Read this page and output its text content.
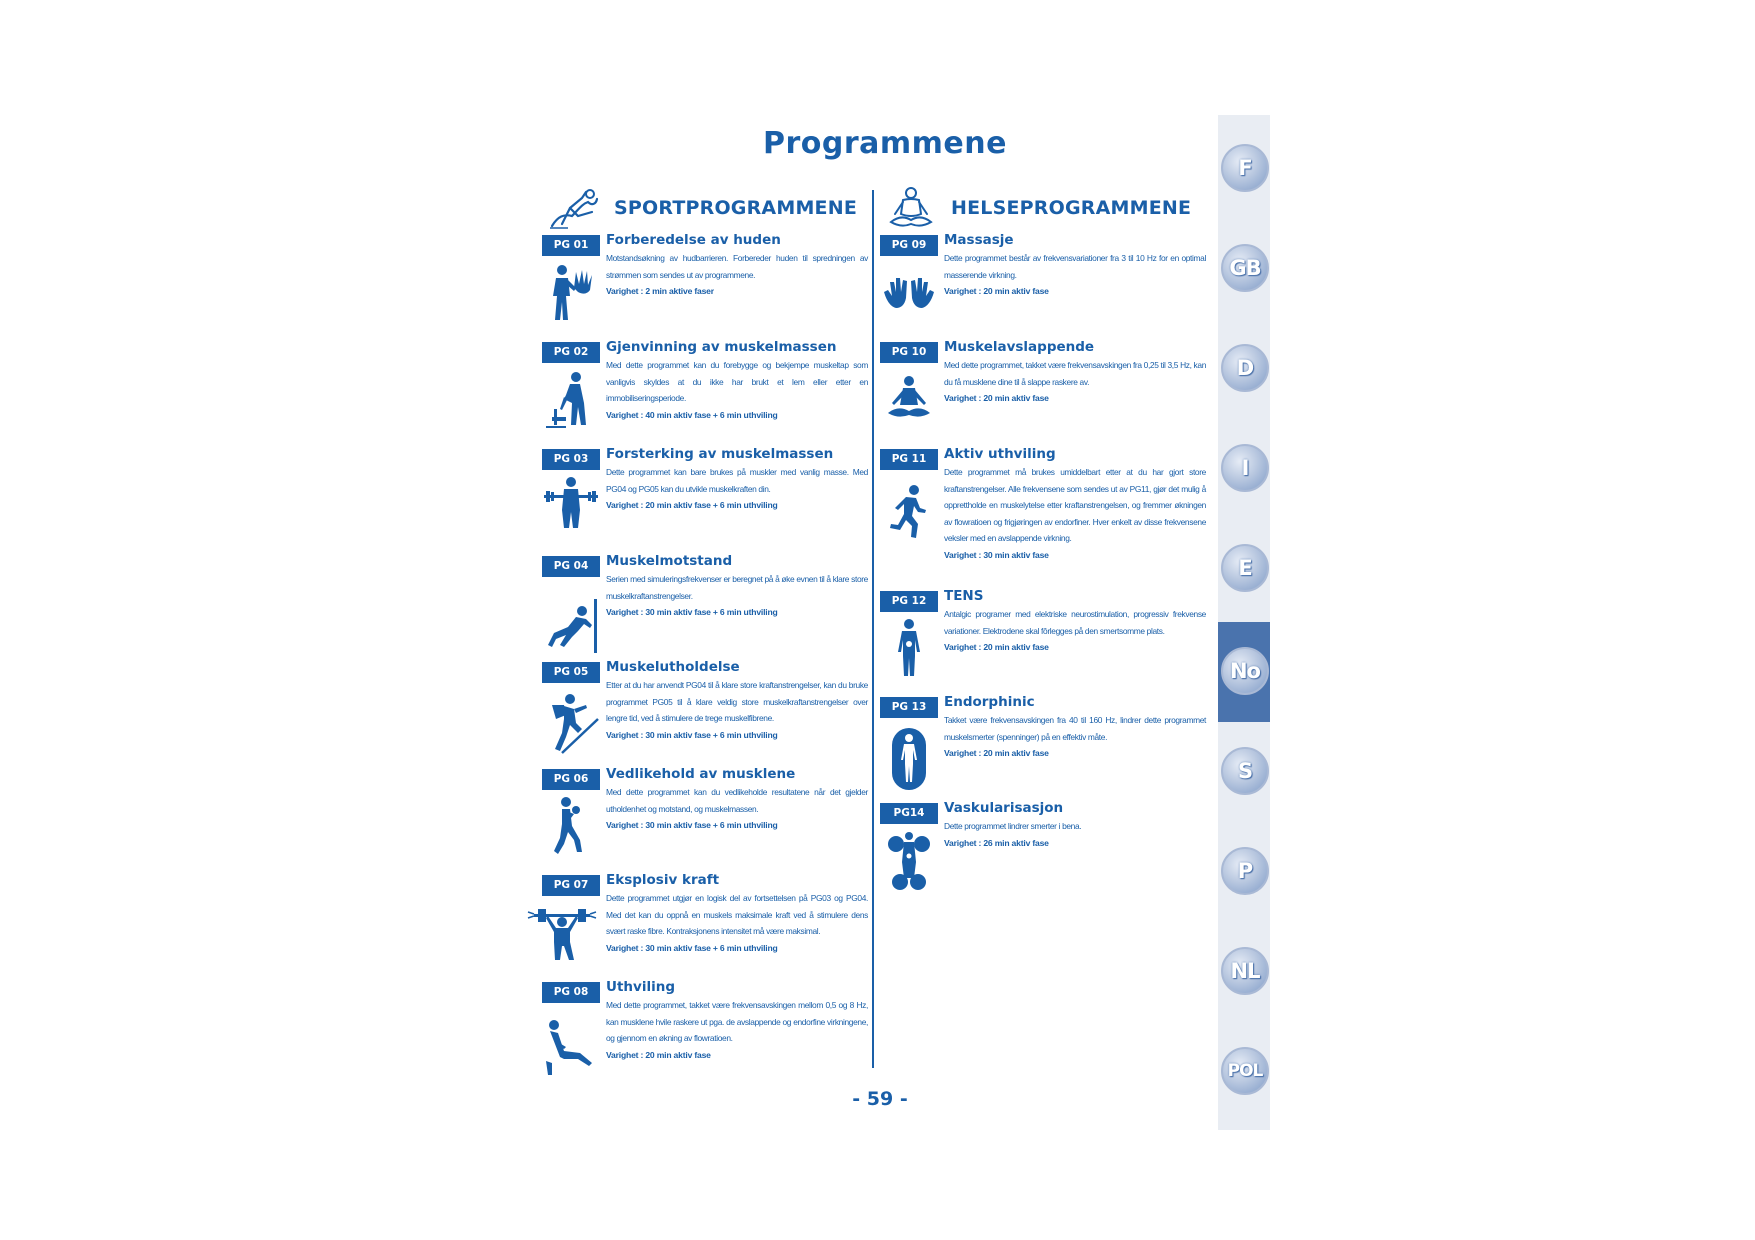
Programmene
SPORTPROGRAMMENE	HELSEPROGRAMMENE
PG 01	Forberedelse av huden
Motstandsøkning av hudbarrieren. Forbereder huden til spredningen av strømmen som sendes ut av programmene.
Varighet : 2 min aktive faser
PG 02	Gjenvinning av muskelmassen
Med dette programmet kan du forebygge og bekjempe muskeltap som vanligvis skyldes at du ikke har brukt et lem eller etter en immobiliseringsperiode.
Varighet : 40 min aktiv fase + 6 min uthviling
PG 03	Forsterking av muskelmassen
Dette programmet kan bare brukes på muskler med vanlig masse. Med PG04 og PG05 kan du utvikle muskelkraften din.
Varighet : 20 min aktiv fase + 6 min uthviling
PG 04	Muskelmotstand
Serien med simuleringsfrekvenser er beregnet på å øke evnen til å klare store muskelkraftanstrengelser.
Varighet : 30 min aktiv fase + 6 min uthviling
PG 05	Muskelutholdelse
Etter at du har anvendt PG04 til å klare store kraftanstrengelser, kan du bruke programmet PG05 til å klare veldig store muskelkraftanstrengelser over lengre tid, ved å stimulere de trege muskelfibrene.
Varighet : 30 min aktiv fase + 6 min uthviling
PG 06	Vedlikehold av musklene
Med dette programmet kan du vedlikeholde resultatene når det gjelder utholdenhet og motstand, og muskelmassen.
Varighet : 30 min aktiv fase + 6 min uthviling
PG 07	Eksplosiv kraft
Dette programmet utgjør en logisk del av fortsettelsen på PG03 og PG04. Med det kan du oppnå en muskels maksimale kraft ved å stimulere dens svært raske fibre. Kontraksjonens intensitet må være maksimal.
Varighet : 30 min aktiv fase + 6 min uthviling
PG 08	Uthviling
Med dette programmet, takket være frekvensavskingen mellom 0,5 og 8 Hz, kan musklene hvile raskere ut pga. de avslappende og endorfine virkningene, og gjennom en økning av flowratioen.
Varighet : 20 min aktiv fase
PG 09	Massasje
Dette programmet består av frekvensvariationer fra 3 til 10 Hz for en optimal masserende virkning.
Varighet : 20 min aktiv fase
PG 10	Muskelavslappende
Med dette programmet, takket være frekvensavskingen fra 0,25 til 3,5 Hz, kan du få musklene dine til å slappe raskere av.
Varighet : 20 min aktiv fase
PG 11	Aktiv uthviling
Dette programmet må brukes umiddelbart etter at du har gjort store kraftanstrengelser. Alle frekvensene som sendes ut av PG11, gjør det mulig å opprettholde en muskelytelse etter kraftanstrengelsen, og fremmer økningen av flowratioen og frigjøringen av endorfiner. Hver enkelt av disse frekvensene veksler med en avslappende virkning.
Varighet : 30 min aktiv fase
PG 12	TENS
Antalgic programer med elektriske neurostimulation, progressiv frekvense variationer. Elektrodene skal fôrlegges på den smertsomme plats.
Varighet : 20 min aktiv fase
PG 13	Endorphinic
Takket være frekvensavskingen fra 40 til 160 Hz, lindrer dette programmet muskelsmerter (spenninger) på en effektiv måte.
Varighet : 20 min aktiv fase
PG14	Vaskularisasjon
Dette programmet lindrer smerter i bena.
Varighet : 26 min aktiv fase
- 59 -
F
GB
D
I
E
No
S
P
NL
POL
